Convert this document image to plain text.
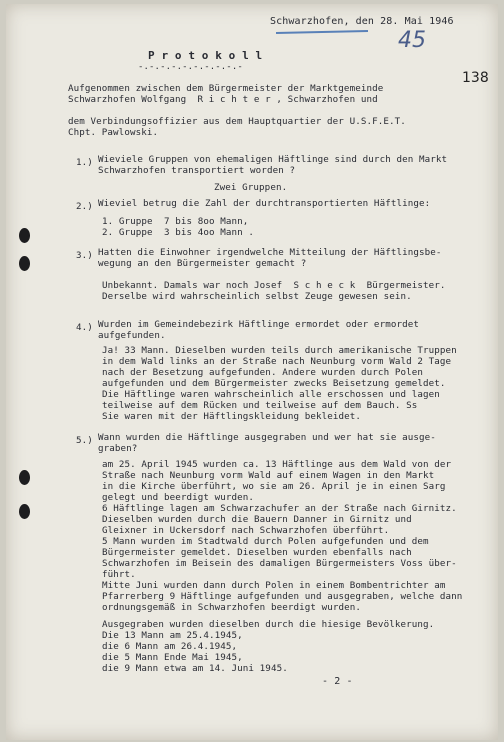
Schwarzhofen, den 28. Mai 1946
45
138
P r o t o k o l l
-.-.-.-.-.-.-.-.-.-
Aufgenommen zwischen dem Bürgermeister der Marktgemeinde
Schwarzhofen Wolfgang  R i c h t e r , Schwarzhofen und
dem Verbindungsoffizier aus dem Hauptquartier der U.S.F.E.T.
Chpt. Pawlowski.
1.) Wieviele Gruppen von ehemaligen Häftlinge sind durch den Markt
Schwarzhofen transportiert worden ?
Zwei Gruppen.
2.) Wieviel betrug die Zahl der durchtransportierten Häftlinge:
1. Gruppe  7 bis 8oo Mann,
2. Gruppe  3 bis 4oo Mann .
3.) Hatten die Einwohner irgendwelche Mitteilung der Häftlingsbe-
wegung an den Bürgermeister gemacht ?
Unbekannt. Damals war noch Josef  S c h e c k  Bürgermeister.
Derselbe wird wahrscheinlich selbst Zeuge gewesen sein.
4.) Wurden im Gemeindebezirk Häftlinge ermordet oder ermordet
aufgefunden.
Ja! 33 Mann. Dieselben wurden teils durch amerikanische Truppen
in dem Wald links an der Straße nach Neunburg vorm Wald 2 Tage
nach der Besetzung aufgefunden. Andere wurden durch Polen
aufgefunden und dem Bürgermeister zwecks Beisetzung gemeldet.
Die Häftlinge waren wahrscheinlich alle erschossen und lagen
teilweise auf dem Rücken und teilweise auf dem Bauch. Ss
Sie waren mit der Häftlingskleidung bekleidet.
5.) Wann wurden die Häftlinge ausgegraben und wer hat sie ausge-
graben?
am 25. April 1945 wurden ca. 13 Häftlinge aus dem Wald von der
Straße nach Neunburg vorm Wald auf einem Wagen in den Markt
in die Kirche überführt, wo sie am 26. April je in einen Sarg
gelegt und beerdigt wurden.
6 Häftlinge lagen am Schwarzachufer an der Straße nach Girnitz.
Dieselben wurden durch die Bauern Danner in Girnitz und
Gleixner in Uckersdorf nach Schwarzhofen überführt.
5 Mann wurden im Stadtwald durch Polen aufgefunden und dem
Bürgermeister gemeldet. Dieselben wurden ebenfalls nach
Schwarzhofen im Beisein des damaligen Bürgermeisters Voss über-
führt.
Mitte Juni wurden dann durch Polen in einem Bombentrichter am
Pfarrerberg 9 Häftlinge aufgefunden und ausgegraben, welche dann
ordnungsgemäß in Schwarzhofen beerdigt wurden.
Ausgegraben wurden dieselben durch die hiesige Bevölkerung.
Die 13 Mann am 25.4.1945,
die 6 Mann am 26.4.1945,
die 5 Mann Ende Mai 1945,
die 9 Mann etwa am 14. Juni 1945.
- 2 -
